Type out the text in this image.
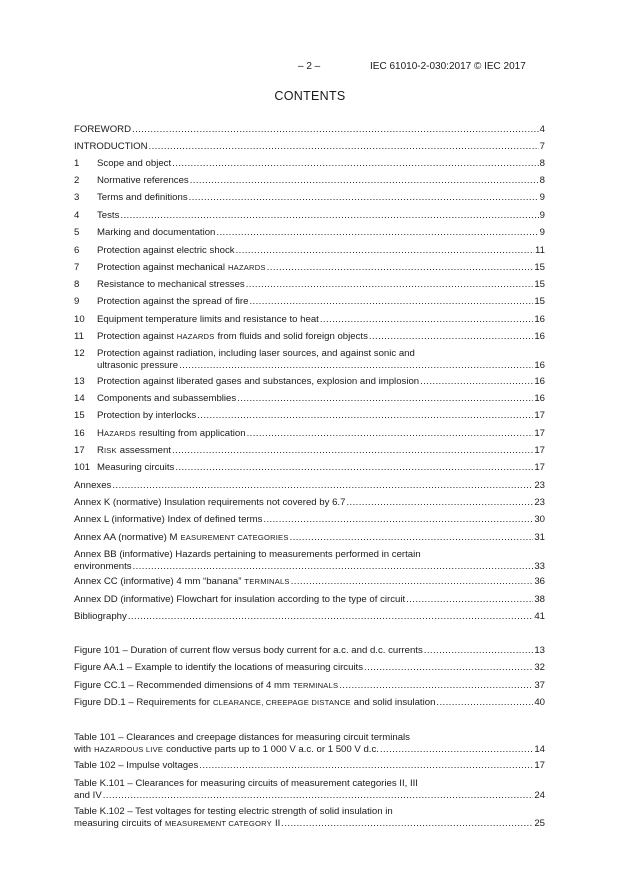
– 2 –	IEC 61010-2-030:2017 © IEC 2017
CONTENTS
FOREWORD .....	4
INTRODUCTION .....	7
1	Scope and object .....	8
2	Normative references .....	8
3	Terms and definitions .....	9
4	Tests .....	9
5	Marking and documentation .....	9
6	Protection against electric shock .....	11
7	Protection against mechanical HAZARDS .....	15
8	Resistance to mechanical stresses .....	15
9	Protection against the spread of fire .....	15
10	Equipment temperature limits and resistance to heat .....	16
11	Protection against HAZARDS from fluids and solid foreign objects .....	16
12 Protection against radiation, including laser sources, and against sonic and
ultrasonic pressure .....	16
13	Protection against liberated gases and substances, explosion and implosion .....	16
14	Components and subassemblies .....	16
15	Protection by interlocks .....	17
16	H AZARDS resulting from application .....	17
17	R ISK assessment .....	17
101 Measuring circuits .....	17
Annexes .....	23
Annex K (normative) Insulation requirements not covered by 6.7 .....	23
Annex L (informative) Index of defined terms .....	30
Annex AA (normative) M EASUREMENT CATEGORIES .....	31
Annex BB (informative) Hazards pertaining to measurements performed in certain
environments .....	33
Annex CC (informative) 4 mm “banana” TERMINALS .....	36
Annex DD (informative) Flowchart for insulation according to the type of circuit .....	38
Bibliography .....	41
Figure 101 – Duration of current flow versus body current for a.c. and d.c. currents .....	13
Figure AA.1 – Example to identify the locations of measuring circuits .....	32
Figure CC.1 – Recommended dimensions of 4 mm TERMINALS .....	37
Figure DD.1 – Requirements for CLEARANCE, CREEPAGE DISTANCE and solid insulation .....	40
Table 101 – Clearances and creepage distances for measuring circuit terminals
with HAZARDOUS LIVE conductive parts up to 1 000 V a.c. or 1 500 V d.c. .....	14
Table 102 – Impulse voltages .....	17
Table K.101 – Clearances for measuring circuits of measurement categories II, III
and IV .....	24
Table K.102 – Test voltages for testing electric strength of solid insulation in
measuring circuits of MEASUREMENT CATEGORY II .....	25
